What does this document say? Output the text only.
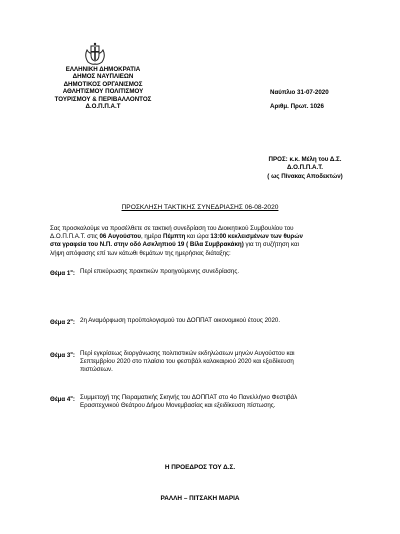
ΕΛΛΗΝΙΚΗ ΔΗΜΟΚΡΑΤΙΑ
ΔΗΜΟΣ ΝΑΥΠΛΙΕΩΝ
ΔΗΜΟΤΙΚΟΣ ΟΡΓΑΝΙΣΜΟΣ
ΑΘΛΗΤΙΣΜΟΥ ΠΟΛΙΤΙΣΜΟΥ
ΤΟΥΡΙΣΜΟΥ & ΠΕΡΙΒΑΛΛΟΝΤΟΣ
Δ.Ο.Π.Π.Α.Τ
Ναύπλιο 31-07-2020
Αριθμ. Πρωτ. 1026
ΠΡΟΣ: κ.κ. Μέλη του Δ.Σ.
Δ.Ο.Π.Π.Α.Τ.
( ως Πίνακας Αποδεκτών)
ΠΡΟΣΚΛΗΣΗ ΤΑΚΤΙΚΗΣ ΣΥΝΕΔΡΙΑΣΗΣ 06-08-2020
Σας προσκαλούμε να προσέλθετε σε τακτική συνεδρίαση του Διοικητικού Συμβουλίου του
Δ.Ο.Π.Π.Α.Τ. στις 06 Αυγούστου, ημέρα Πέμπτη και ώρα 13:00 κεκλεισμένων των θυρών
στα γραφεία του Ν.Π. στην οδό Ασκληπιού 19 ( Βίλα Συμβρακάκη) για τη συζήτηση και
λήψη απόφασης επί των κάτωθι θεμάτων της ημερήσιας διάταξης:
Θέμα $1^o$: Περί επικύρωσης πρακτικών προηγούμενης συνεδρίασης.
Θέμα $2^o$: 2η Αναμόρφωση προϋπολογισμού του ΔΟΠΠΑΤ οικονομικού έτους 2020.
Θέμα $3^o$: Περί εγκρίσεως διοργάνωσης πολιτιστικών εκδηλώσεων μηνών Αυγούστου και
Σεπτεμβρίου 2020 στο πλαίσιο του φεστιβάλ καλοκαιριού 2020 και εξειδίκευση
πιστώσεων.
Θέμα $4^o$: Συμμετοχή της Πειραματικής Σκηνής του ΔΟΠΠΑΤ στο 4ο Πανελλήνιο Φεστιβάλ
Ερασιτεχνικού Θεάτρου Δήμου Μονεμβασίας και εξειδίκευση πίστωσης.
Η ΠΡΟΕΔΡΟΣ ΤΟΥ Δ.Σ.
ΡΑΛΛΗ – ΠΙΤΣΑΚΗ ΜΑΡΙΑ
